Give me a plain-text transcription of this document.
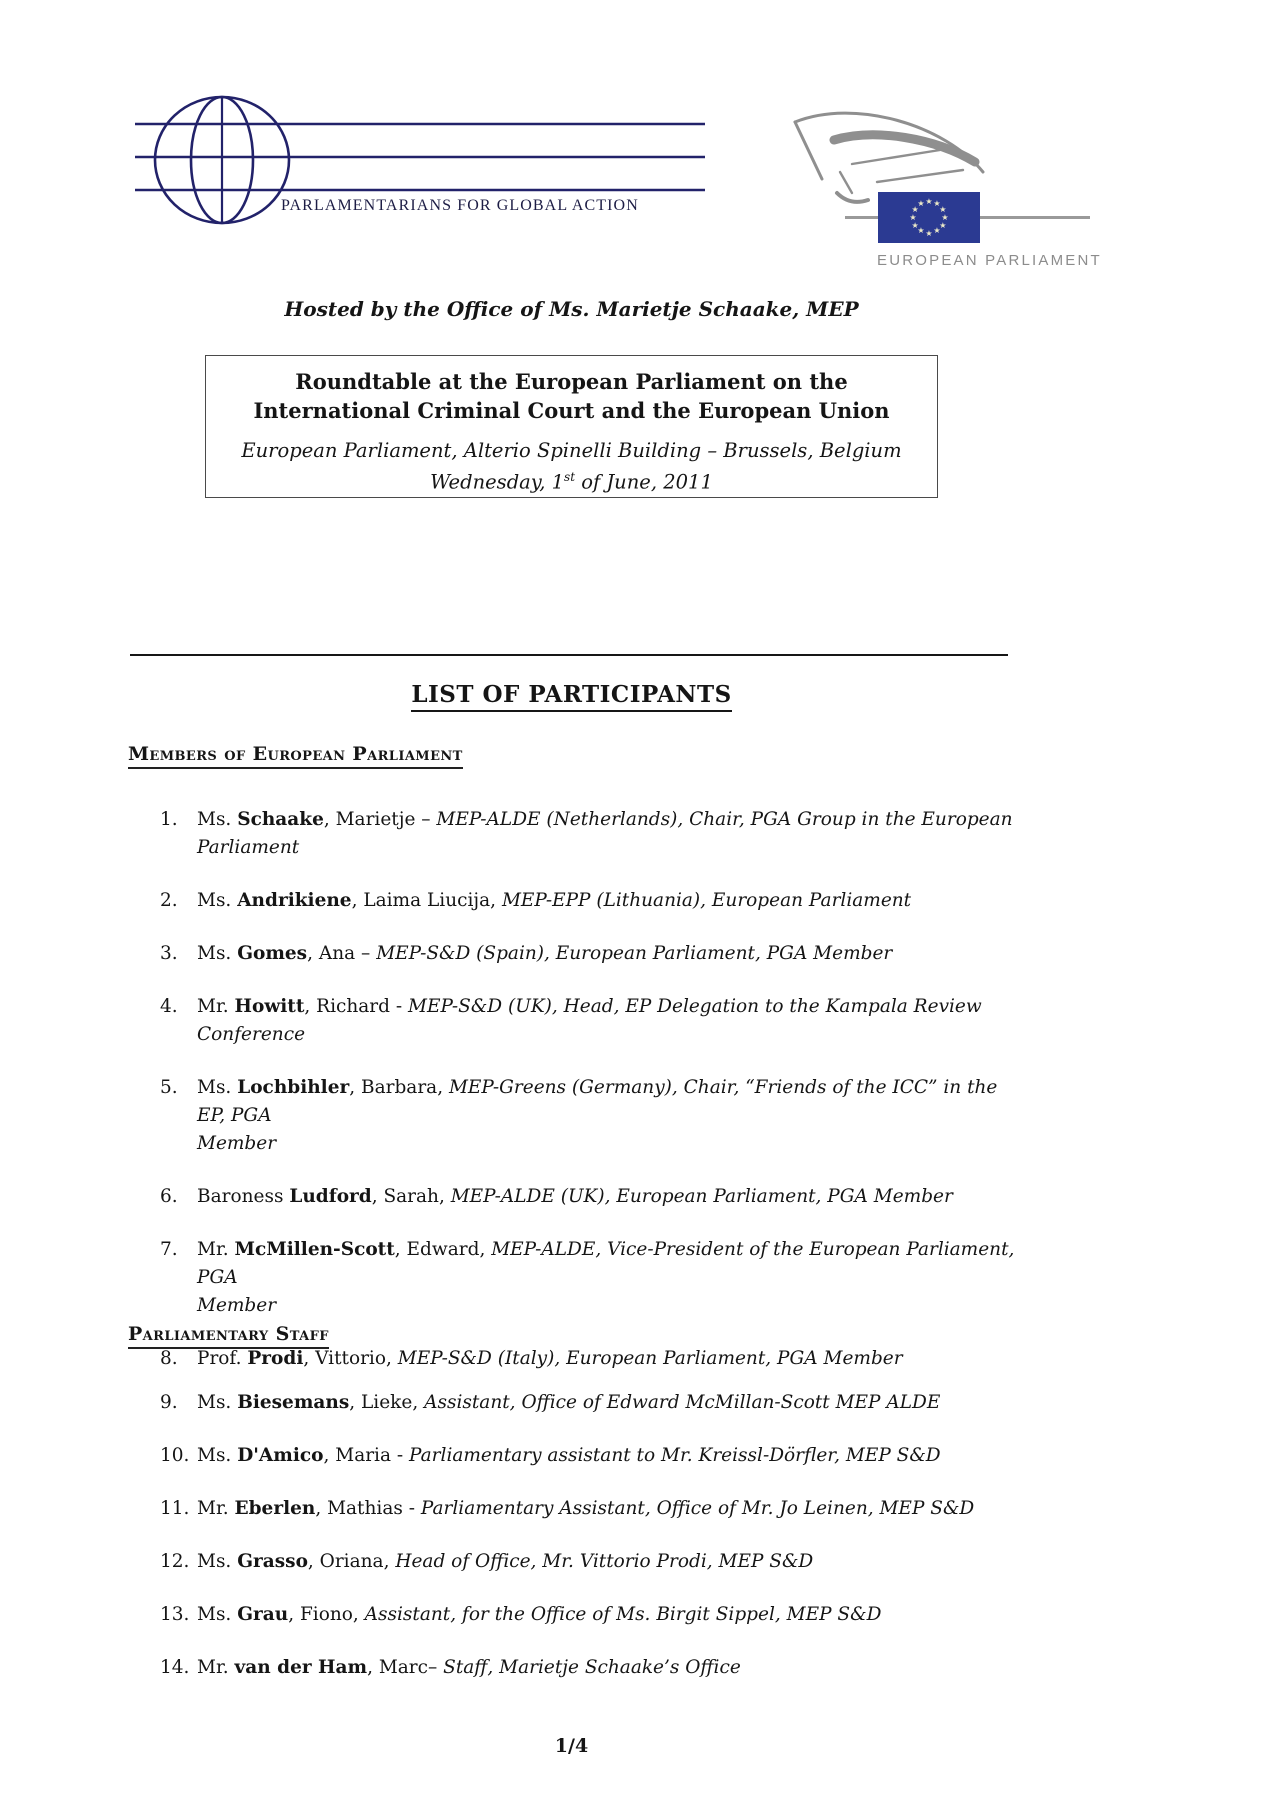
PARLAMENTARIANS FOR GLOBAL ACTION	★ ★
★
★
★
★
★
★
★
★
★
★
EUROPEAN PARLIAMENT
Hosted by the Office of Ms. Marietje Schaake, MEP
Roundtable at the European Parliament on the International Criminal Court and the European Union
European Parliament, Alterio Spinelli Building – Brussels, Belgium
Wednesday, 1st of June, 2011
LIST OF PARTICIPANTS
Members of European Parliament
1.	Ms. Schaake, Marietje – MEP-ALDE (Netherlands), Chair, PGA Group in the European Parliament
2.	Ms. Andrikiene, Laima Liucija, MEP-EPP (Lithuania), European Parliament
3.	Ms. Gomes, Ana – MEP-S&D (Spain), European Parliament, PGA Member
4.	Mr. Howitt, Richard - MEP-S&D (UK), Head, EP Delegation to the Kampala Review Conference
5.	Ms. Lochbihler, Barbara, MEP-Greens (Germany), Chair, “Friends of the ICC” in the EP, PGA
Member
6.	Baroness Ludford, Sarah, MEP-ALDE (UK), European Parliament, PGA Member
7.	Mr. McMillen-Scott, Edward, MEP-ALDE, Vice-President of the European Parliament, PGA
Member
8.	Prof. Prodi, Vittorio, MEP-S&D (Italy), European Parliament, PGA Member
Parliamentary Staff
9.	Ms. Biesemans, Lieke, Assistant, Office of Edward McMillan-Scott MEP ALDE
10. Ms. D'Amico, Maria - Parliamentary assistant to Mr. Kreissl-Dörfler, MEP S&D
11. Mr. Eberlen, Mathias - Parliamentary Assistant, Office of Mr. Jo Leinen, MEP S&D
12. Ms. Grasso, Oriana, Head of Office, Mr. Vittorio Prodi, MEP S&D
13. Ms. Grau, Fiono, Assistant, for the Office of Ms. Birgit Sippel, MEP S&D
14. Mr. van der Ham, Marc– Staff, Marietje Schaake’s Office
1/4
